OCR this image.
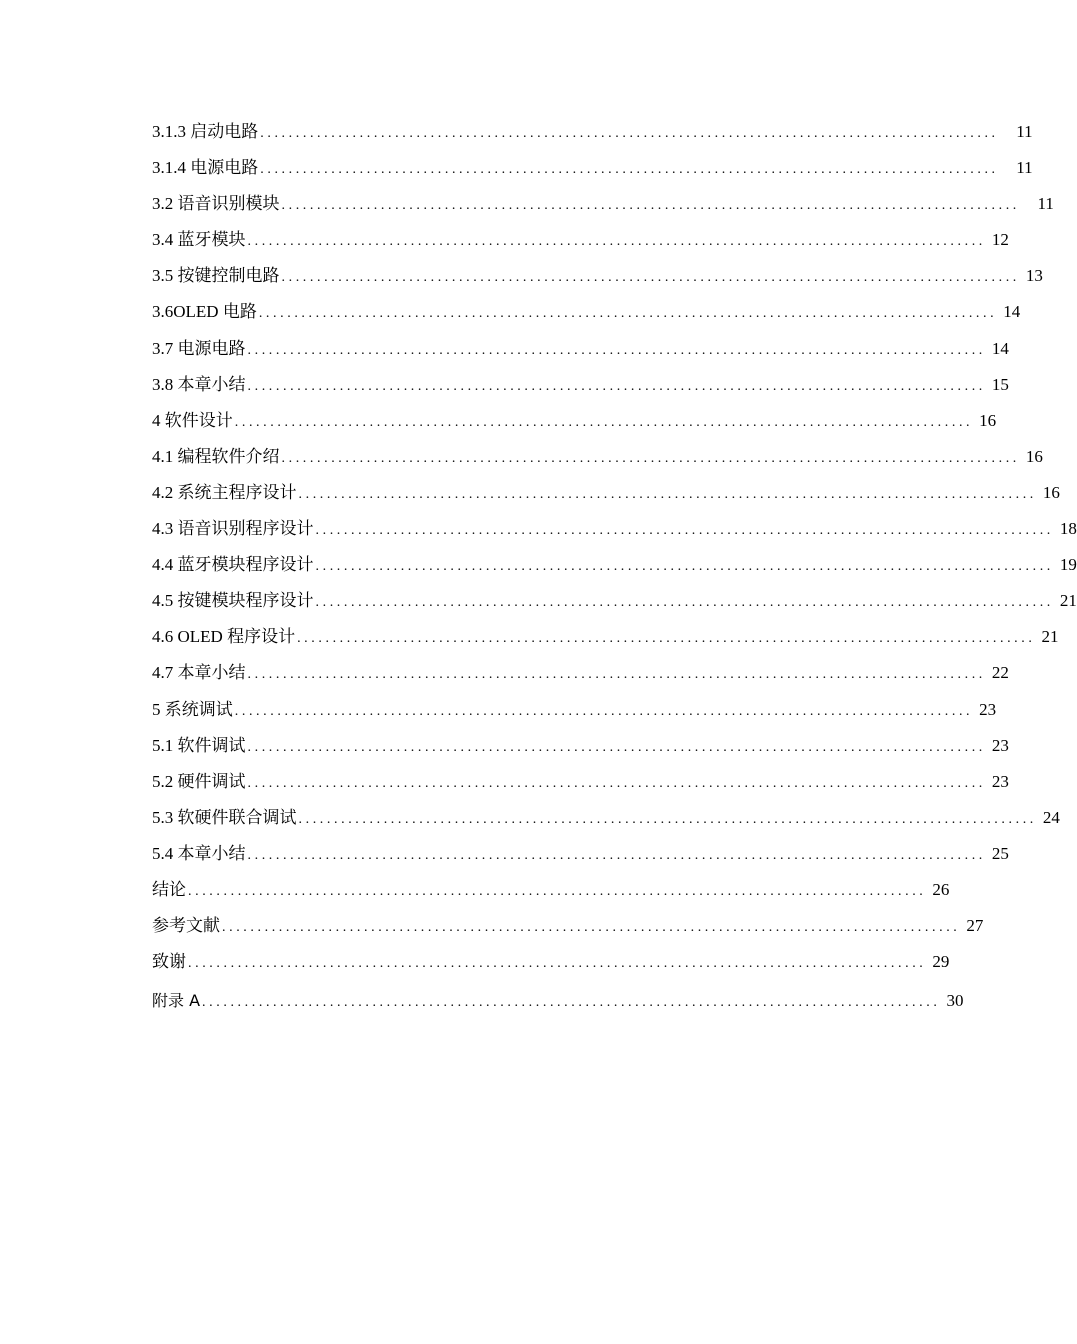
3.1.3 启动电路 ........................................................................................................ 11
3.1.4 电源电路 ........................................................................................................ 11
3.2 语音识别模块 ........................................................................................................ 11
3.4 蓝牙模块 ........................................................................................................ 12
3.5 按键控制电路 ........................................................................................................ 13
3.6OLED 电路 ........................................................................................................ 14
3.7 电源电路 ........................................................................................................ 14
3.8 本章小结 ........................................................................................................ 15
4 软件设计 ........................................................................................................ 16
4.1 编程软件介绍 ........................................................................................................ 16
4.2 系统主程序设计 ........................................................................................................ 16
4.3 语音识别程序设计 ........................................................................................................ 18
4.4 蓝牙模块程序设计 ........................................................................................................ 19
4.5 按键模块程序设计 ........................................................................................................ 21
4.6 OLED 程序设计 ........................................................................................................ 21
4.7 本章小结 ........................................................................................................ 22
5 系统调试 ........................................................................................................ 23
5.1 软件调试 ........................................................................................................ 23
5.2 硬件调试 ........................................................................................................ 23
5.3 软硬件联合调试 ........................................................................................................ 24
5.4 本章小结 ........................................................................................................ 25
结论 ........................................................................................................ 26
参考文献 ........................................................................................................ 27
致谢 ........................................................................................................ 29
附录 A ........................................................................................................ 30
